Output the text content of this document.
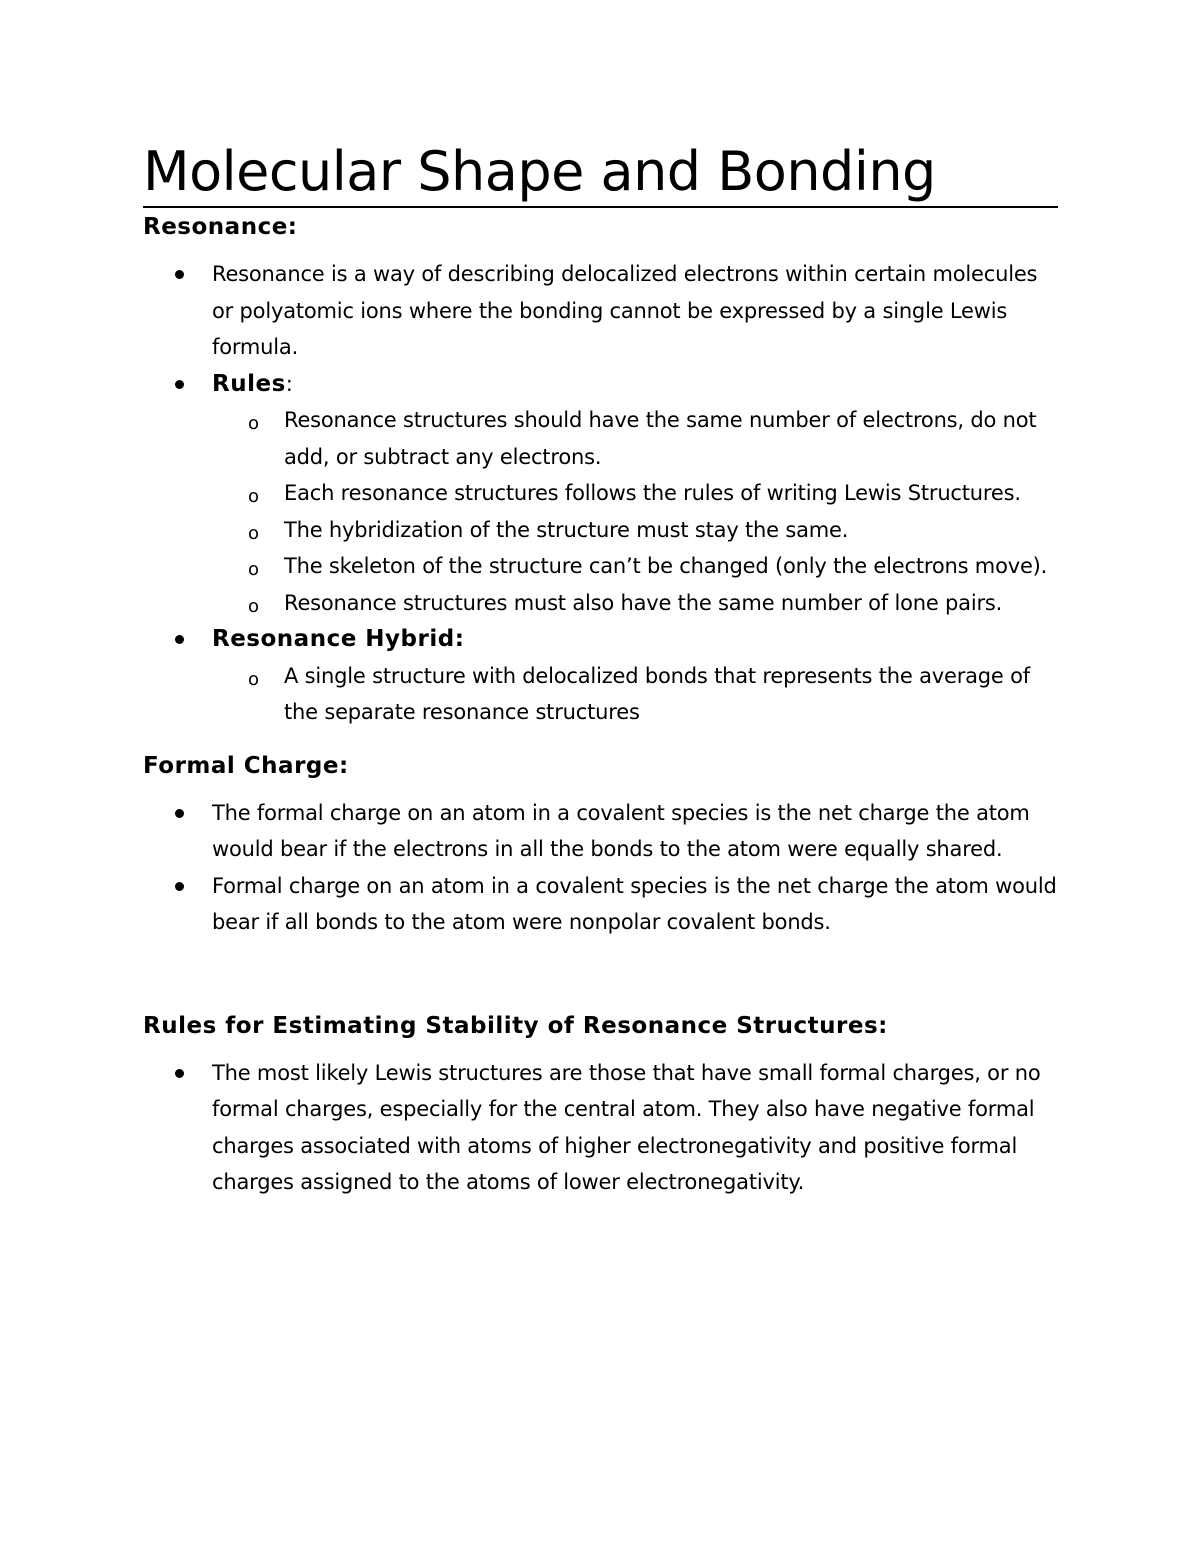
Molecular Shape and Bonding
Resonance:
Resonance is a way of describing delocalized electrons within certain molecules or polyatomic ions where the bonding cannot be expressed by a single Lewis formula.
Rules:
o Resonance structures should have the same number of electrons, do not add, or subtract any electrons.
o Each resonance structures follows the rules of writing Lewis Structures.
o The hybridization of the structure must stay the same.
o The skeleton of the structure can’t be changed (only the electrons move).
o Resonance structures must also have the same number of lone pairs.
Resonance Hybrid:
o A single structure with delocalized bonds that represents the average of the separate resonance structures
Formal Charge:
The formal charge on an atom in a covalent species is the net charge the atom would bear if the electrons in all the bonds to the atom were equally shared.
Formal charge on an atom in a covalent species is the net charge the atom would bear if all bonds to the atom were nonpolar covalent bonds.
Rules for Estimating Stability of Resonance Structures:
The most likely Lewis structures are those that have small formal charges, or no formal charges, especially for the central atom. They also have negative formal charges associated with atoms of higher electronegativity and positive formal charges assigned to the atoms of lower electronegativity.
